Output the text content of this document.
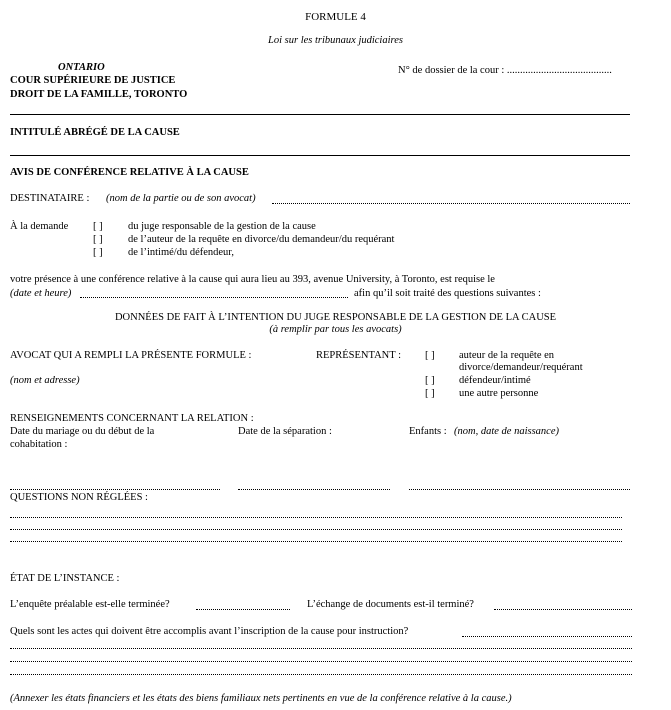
FORMULE 4
Loi sur les tribunaux judiciaires
ONTARIO
COUR SUPÉRIEURE DE JUSTICE
DROIT DE LA FAMILLE, TORONTO
N° de dossier de la cour : ........................................
INTITULÉ ABRÉGÉ DE LA CAUSE
AVIS DE CONFÉRENCE RELATIVE À LA CAUSE
DESTINATAIRE : (nom de la partie ou de son avocat)
À la demande [ ] du juge responsable de la gestion de la cause
[ ] de l’auteur de la requête en divorce/du demandeur/du requérant
[ ] de l’intimé/du défendeur,
votre présence à une conférence relative à la cause qui aura lieu au 393, avenue University, à Toronto, est requise le
(date et heure)	afin qu’il soit traité des questions suivantes :
DONNÉES DE FAIT À L’INTENTION DU JUGE RESPONSABLE DE LA GESTION DE LA CAUSE
(à remplir par tous les avocats)
AVOCAT QUI A REMPLI LA PRÉSENTE FORMULE :
(nom et adresse)
REPRÉSENTANT : [ ] auteur de la requête en
divorce/demandeur/requérant
[ ] défendeur/intimé
[ ] une autre personne
RENSEIGNEMENTS CONCERNANT LA RELATION :
Date du mariage ou du début de la
cohabitation :
Date de la séparation :	Enfants : (nom, date de naissance)
QUESTIONS NON RÉGLÉES :
ÉTAT DE L’INSTANCE :
L’enquête préalable est-elle terminée?	L’échange de documents est-il terminé?
Quels sont les actes qui doivent être accomplis avant l’inscription de la cause pour instruction?
(Annexer les états financiers et les états des biens familiaux nets pertinents en vue de la conférence relative à la cause.)
